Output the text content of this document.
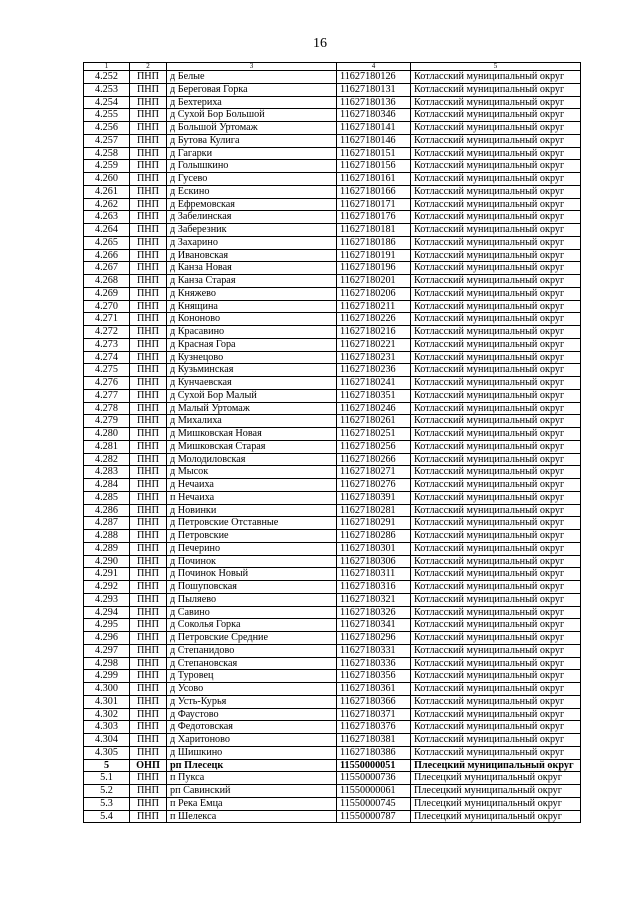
16
1	2	3	4	5
4.252	ПНП	д Белые	11627180126	Котласский муниципальный округ
4.253	ПНП	д Береговая Горка	11627180131	Котласский муниципальный округ
4.254	ПНП	д Бехтериха	11627180136	Котласский муниципальный округ
4.255	ПНП	д Сухой Бор Большой	11627180346	Котласский муниципальный округ
4.256	ПНП	д Большой Уртомаж	11627180141	Котласский муниципальный округ
4.257	ПНП	д Бутова Кулига	11627180146	Котласский муниципальный округ
4.258	ПНП	д Гагарки	11627180151	Котласский муниципальный округ
4.259	ПНП	д Голышкино	11627180156	Котласский муниципальный округ
4.260	ПНП	д Гусево	11627180161	Котласский муниципальный округ
4.261	ПНП	д Ескино	11627180166	Котласский муниципальный округ
4.262	ПНП	д Ефремовская	11627180171	Котласский муниципальный округ
4.263	ПНП	д Забелинская	11627180176	Котласский муниципальный округ
4.264	ПНП	д Заберезник	11627180181	Котласский муниципальный округ
4.265	ПНП	д Захарино	11627180186	Котласский муниципальный округ
4.266	ПНП	д Ивановская	11627180191	Котласский муниципальный округ
4.267	ПНП	д Канза Новая	11627180196	Котласский муниципальный округ
4.268	ПНП	д Канза Старая	11627180201	Котласский муниципальный округ
4.269	ПНП	д Княжево	11627180206	Котласский муниципальный округ
4.270	ПНП	д Княщина	11627180211	Котласский муниципальный округ
4.271	ПНП	д Кононово	11627180226	Котласский муниципальный округ
4.272	ПНП	д Красавино	11627180216	Котласский муниципальный округ
4.273	ПНП	д Красная Гора	11627180221	Котласский муниципальный округ
4.274	ПНП	д Кузнецово	11627180231	Котласский муниципальный округ
4.275	ПНП	д Кузьминская	11627180236	Котласский муниципальный округ
4.276	ПНП	д Кунчаевская	11627180241	Котласский муниципальный округ
4.277	ПНП	д Сухой Бор Малый	11627180351	Котласский муниципальный округ
4.278	ПНП	д Малый Уртомаж	11627180246	Котласский муниципальный округ
4.279	ПНП	д Михалиха	11627180261	Котласский муниципальный округ
4.280	ПНП	д Мишковская Новая	11627180251	Котласский муниципальный округ
4.281	ПНП	д Мишковская Старая	11627180256	Котласский муниципальный округ
4.282	ПНП	д Молодиловская	11627180266	Котласский муниципальный округ
4.283	ПНП	д Мысок	11627180271	Котласский муниципальный округ
4.284	ПНП	д Нечаиха	11627180276	Котласский муниципальный округ
4.285	ПНП	п Нечаиха	11627180391	Котласский муниципальный округ
4.286	ПНП	д Новинки	11627180281	Котласский муниципальный округ
4.287	ПНП	д Петровские Отставные	11627180291	Котласский муниципальный округ
4.288	ПНП	д Петровские	11627180286	Котласский муниципальный округ
4.289	ПНП	д Печерино	11627180301	Котласский муниципальный округ
4.290	ПНП	д Починок	11627180306	Котласский муниципальный округ
4.291	ПНП	д Починок Новый	11627180311	Котласский муниципальный округ
4.292	ПНП	д Пошуповская	11627180316	Котласский муниципальный округ
4.293	ПНП	д Пыляево	11627180321	Котласский муниципальный округ
4.294	ПНП	д Савино	11627180326	Котласский муниципальный округ
4.295	ПНП	д Соколья Горка	11627180341	Котласский муниципальный округ
4.296	ПНП	д Петровские Средние	11627180296	Котласский муниципальный округ
4.297	ПНП	д Степанидово	11627180331	Котласский муниципальный округ
4.298	ПНП	д Степановская	11627180336	Котласский муниципальный округ
4.299	ПНП	д Туровец	11627180356	Котласский муниципальный округ
4.300	ПНП	д Усово	11627180361	Котласский муниципальный округ
4.301	ПНП	д Усть-Курья	11627180366	Котласский муниципальный округ
4.302	ПНП	д Фаустово	11627180371	Котласский муниципальный округ
4.303	ПНП	д Федотовская	11627180376	Котласский муниципальный округ
4.304	ПНП	д Харитоново	11627180381	Котласский муниципальный округ
4.305	ПНП	д Шишкино	11627180386	Котласский муниципальный округ
5	ОНП	рп Плесецк	11550000051	Плесецкий муниципальный округ
5.1	ПНП	п Пукса	11550000736	Плесецкий муниципальный округ
5.2	ПНП	рп Савинский	11550000061	Плесецкий муниципальный округ
5.3	ПНП	п Река Емца	11550000745	Плесецкий муниципальный округ
5.4	ПНП	п Шелекса	11550000787	Плесецкий муниципальный округ
